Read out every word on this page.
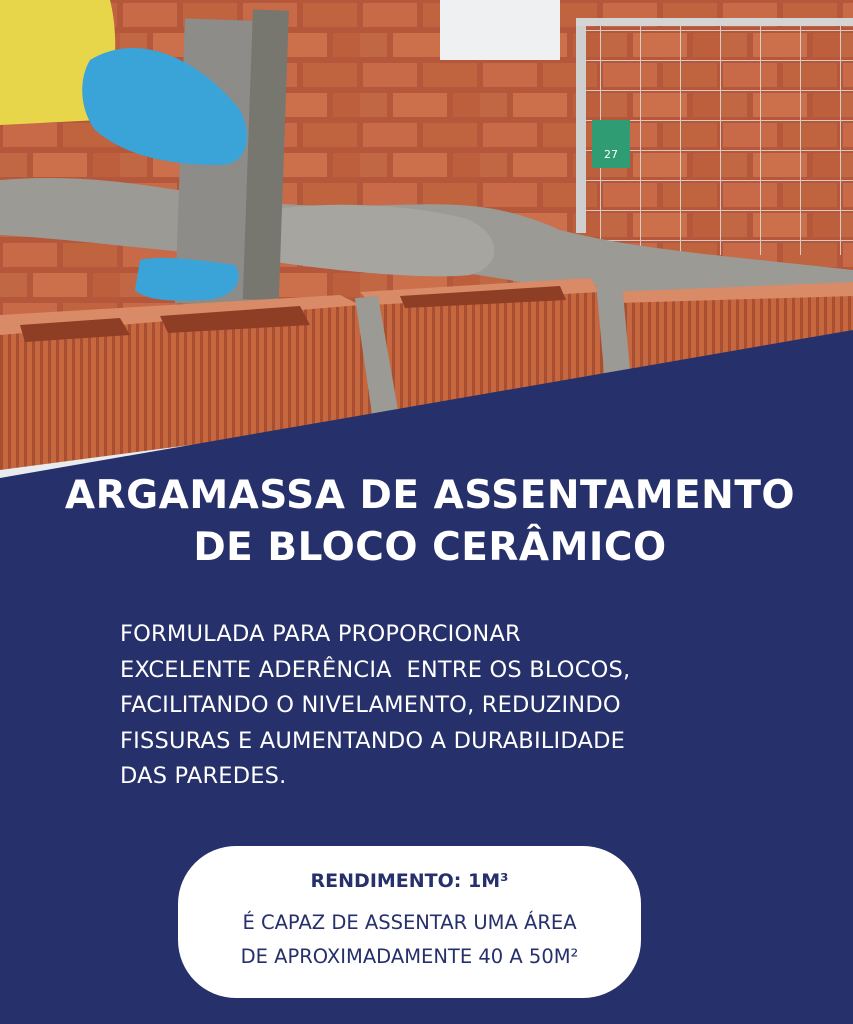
27
ARGAMASSA DE ASSENTAMENTO
DE BLOCO CERÂMICO
FORMULADA PARA PROPORCIONAR
EXCELENTE ADERÊNCIA  ENTRE OS BLOCOS,
FACILITANDO O NIVELAMENTO, REDUZINDO
FISSURAS E AUMENTANDO A DURABILIDADE
DAS PAREDES.
RENDIMENTO: 1M³
É CAPAZ DE ASSENTAR UMA ÁREA
DE APROXIMADAMENTE 40 A 50M²
